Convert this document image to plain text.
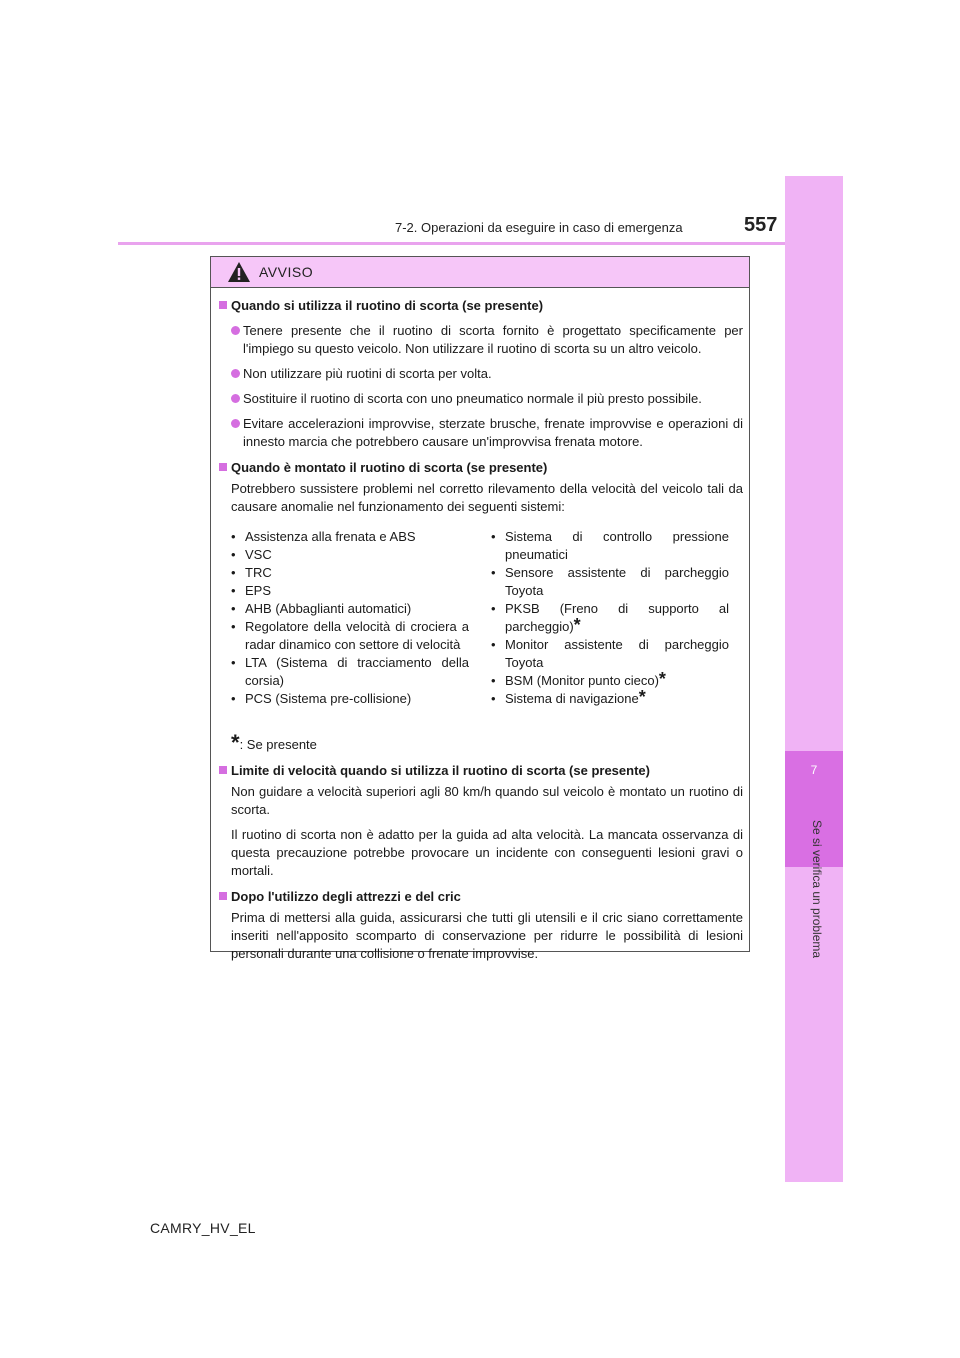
7-2. Operazioni da eseguire in caso di emergenza	557
7
Se si verifica un problema
AVVISO
Quando si utilizza il ruotino di scorta (se presente)
Tenere presente che il ruotino di scorta fornito è progettato specificamente per l'impiego su questo veicolo. Non utilizzare il ruotino di scorta su un altro veicolo.
Non utilizzare più ruotini di scorta per volta.
Sostituire il ruotino di scorta con uno pneumatico normale il più presto possibile.
Evitare accelerazioni improvvise, sterzate brusche, frenate improvvise e operazioni di innesto marcia che potrebbero causare un'improvvisa frenata motore.
Quando è montato il ruotino di scorta (se presente)
Potrebbero sussistere problemi nel corretto rilevamento della velocità del veicolo tali da causare anomalie nel funzionamento dei seguenti sistemi:
• Assistenza alla frenata e ABS
• VSC
• TRC
• EPS
• AHB (Abbaglianti automatici)
• Regolatore della velocità di crociera a radar dinamico con settore di velocità
• LTA (Sistema di tracciamento della corsia)
• PCS (Sistema pre-collisione)
• Sistema di controllo pressione pneumatici
• Sensore assistente di parcheggio Toyota
• PKSB (Freno di supporto al parcheggio)*
• Monitor assistente di parcheggio Toyota
• BSM (Monitor punto cieco)*
• Sistema di navigazione*
*: Se presente
Limite di velocità quando si utilizza il ruotino di scorta (se presente)
Non guidare a velocità superiori agli 80 km/h quando sul veicolo è montato un ruotino di scorta.
Il ruotino di scorta non è adatto per la guida ad alta velocità. La mancata osservanza di questa precauzione potrebbe provocare un incidente con conseguenti lesioni gravi o mortali.
Dopo l'utilizzo degli attrezzi e del cric
Prima di mettersi alla guida, assicurarsi che tutti gli utensili e il cric siano correttamente inseriti nell'apposito scomparto di conservazione per ridurre le possibilità di lesioni personali durante una collisione o frenate improvvise.
CAMRY_HV_EL
